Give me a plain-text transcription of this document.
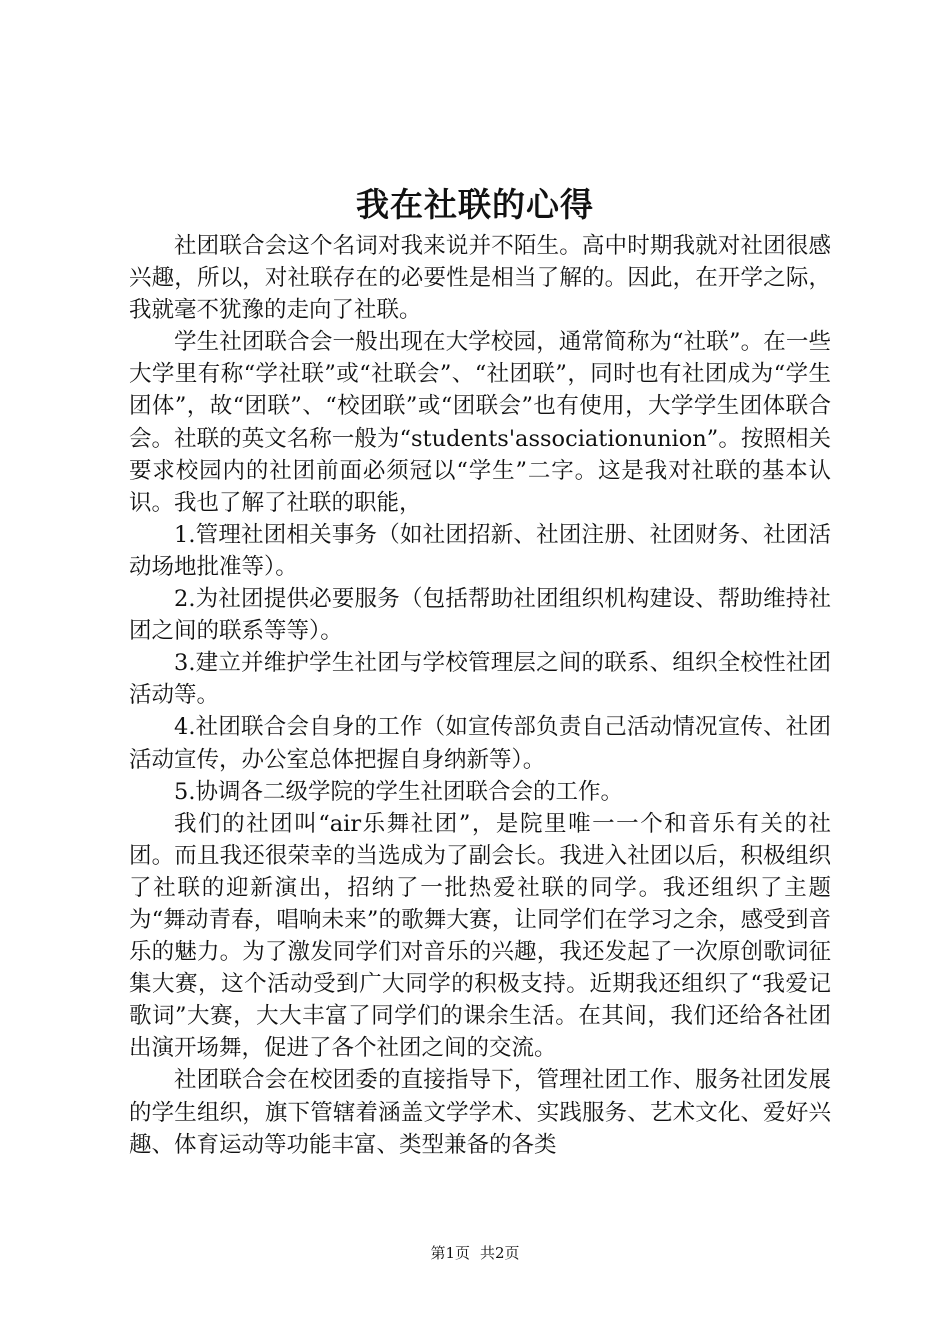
我在社联的心得

社团联合会这个名词对我来说并不陌生。高中时期我就对社团很感兴趣，所以，对社联存在的必要性是相当了解的。因此，在开学之际，我就毫不犹豫的走向了社联。

学生社团联合会一般出现在大学校园，通常简称为“社联”。在一些大学里有称“学社联”或“社联会”、“社团联”，同时也有社团成为“学生团体”，故“团联”、“校团联”或“团联会”也有使用，大学学生团体联合会。社联的英文名称一般为“students'associationunion”。按照相关要求校园内的社团前面必须冠以“学生”二字。这是我对社联的基本认识。我也了解了社联的职能，

1.管理社团相关事务（如社团招新、社团注册、社团财务、社团活动场地批准等）。

2.为社团提供必要服务（包括帮助社团组织机构建设、帮助维持社团之间的联系等等）。

3.建立并维护学生社团与学校管理层之间的联系、组织全校性社团活动等。

4.社团联合会自身的工作（如宣传部负责自己活动情况宣传、社团活动宣传，办公室总体把握自身纳新等）。

5.协调各二级学院的学生社团联合会的工作。

我们的社团叫“air乐舞社团”，是院里唯一一个和音乐有关的社团。而且我还很荣幸的当选成为了副会长。我进入社团以后，积极组织了社联的迎新演出，招纳了一批热爱社联的同学。我还组织了主题为“舞动青春，唱响未来”的歌舞大赛，让同学们在学习之余，感受到音乐的魅力。为了激发同学们对音乐的兴趣，我还发起了一次原创歌词征集大赛，这个活动受到广大同学的积极支持。近期我还组织了“我爱记歌词”大赛，大大丰富了同学们的课余生活。在其间，我们还给各社团出演开场舞，促进了各个社团之间的交流。

社团联合会在校团委的直接指导下，管理社团工作、服务社团发展的学生组织，旗下管辖着涵盖文学学术、实践服务、艺术文化、爱好兴趣、体育运动等功能丰富、类型兼备的各类

第1页 共2页
